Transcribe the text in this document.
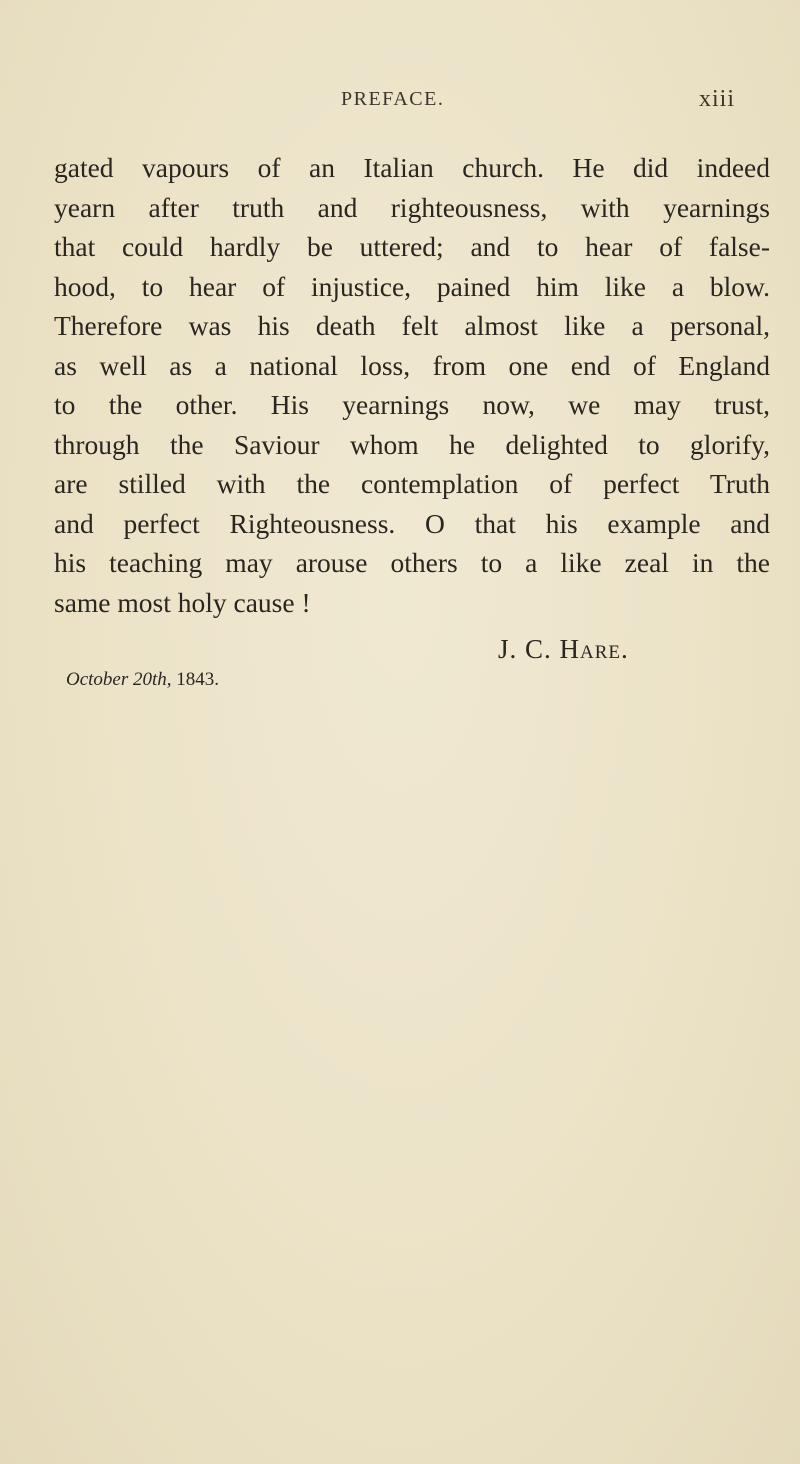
PREFACE.	xiii
gated vapours of an Italian church. He did indeed
yearn after truth and righteousness, with yearnings
that could hardly be uttered; and to hear of false-
hood, to hear of injustice, pained him like a blow.
Therefore was his death felt almost like a personal,
as well as a national loss, from one end of England
to the other. His yearnings now, we may trust,
through the Saviour whom he delighted to glorify,
are stilled with the contemplation of perfect Truth
and perfect Righteousness. O that his example and
his teaching may arouse others to a like zeal in the
same most holy cause !
J. C. Hare.
October 20th, 1843.
